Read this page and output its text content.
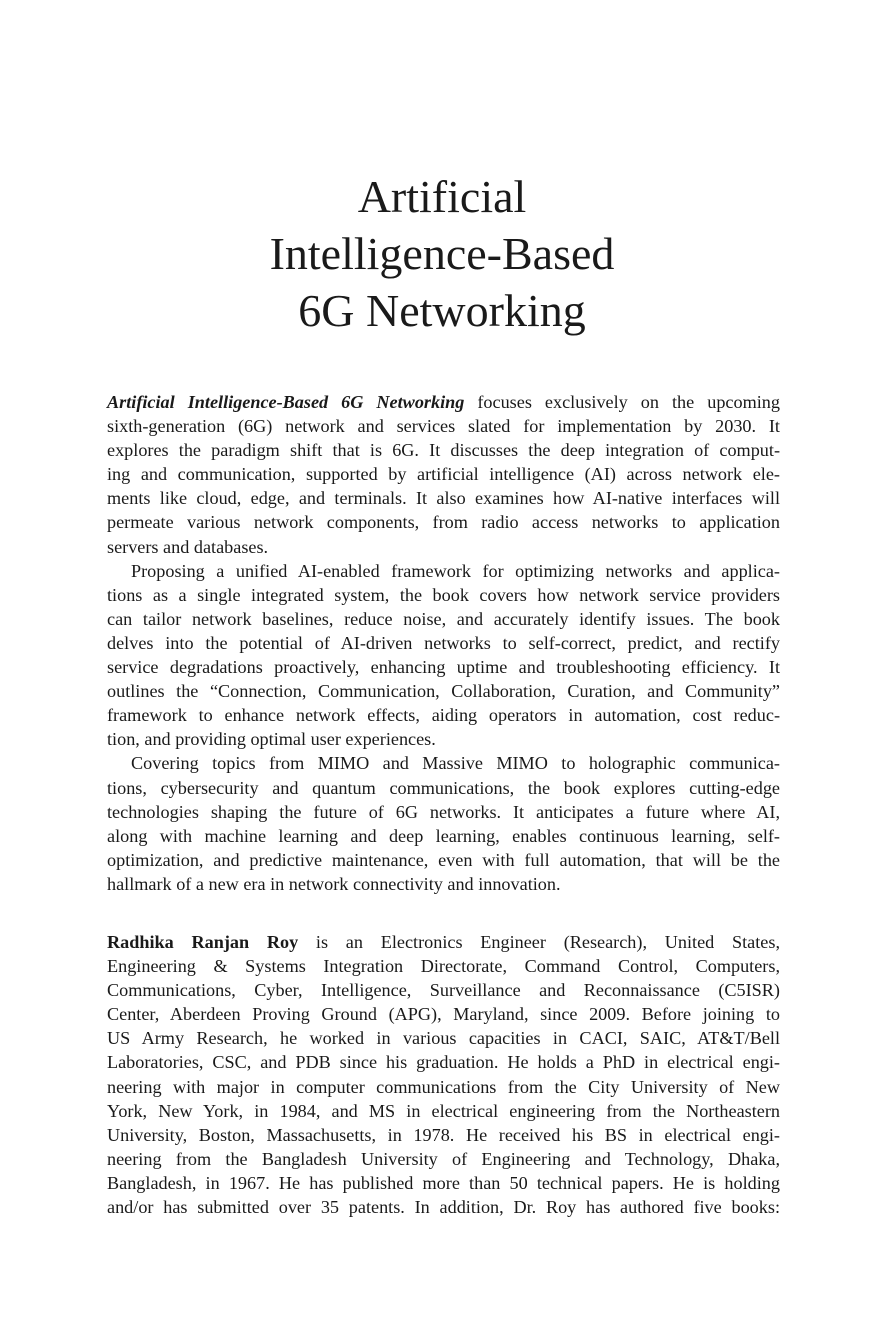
Artificial
Intelligence-Based
6G Networking
Artificial Intelligence-Based 6G Networking focuses exclusively on the upcoming
sixth-generation (6G) network and services slated for implementation by 2030. It
explores the paradigm shift that is 6G. It discusses the deep integration of comput-
ing and communication, supported by artificial intelligence (AI) across network ele-
ments like cloud, edge, and terminals. It also examines how AI-native interfaces will
permeate various network components, from radio access networks to application
servers and databases.
Proposing a unified AI-enabled framework for optimizing networks and applica-
tions as a single integrated system, the book covers how network service providers
can tailor network baselines, reduce noise, and accurately identify issues. The book
delves into the potential of AI-driven networks to self-correct, predict, and rectify
service degradations proactively, enhancing uptime and troubleshooting efficiency. It
outlines the “Connection, Communication, Collaboration, Curation, and Community”
framework to enhance network effects, aiding operators in automation, cost reduc-
tion, and providing optimal user experiences.
Covering topics from MIMO and Massive MIMO to holographic communica-
tions, cybersecurity and quantum communications, the book explores cutting-edge
technologies shaping the future of 6G networks. It anticipates a future where AI,
along with machine learning and deep learning, enables continuous learning, self-
optimization, and predictive maintenance, even with full automation, that will be the
hallmark of a new era in network connectivity and innovation.
Radhika Ranjan Roy is an Electronics Engineer (Research), United States,
Engineering & Systems Integration Directorate, Command Control, Computers,
Communications, Cyber, Intelligence, Surveillance and Reconnaissance (C5ISR)
Center, Aberdeen Proving Ground (APG), Maryland, since 2009. Before joining to
US Army Research, he worked in various capacities in CACI, SAIC, AT&T/Bell
Laboratories, CSC, and PDB since his graduation. He holds a PhD in electrical engi-
neering with major in computer communications from the City University of New
York, New York, in 1984, and MS in electrical engineering from the Northeastern
University, Boston, Massachusetts, in 1978. He received his BS in electrical engi-
neering from the Bangladesh University of Engineering and Technology, Dhaka,
Bangladesh, in 1967. He has published more than 50 technical papers. He is holding
and/or has submitted over 35 patents. In addition, Dr. Roy has authored five books:
